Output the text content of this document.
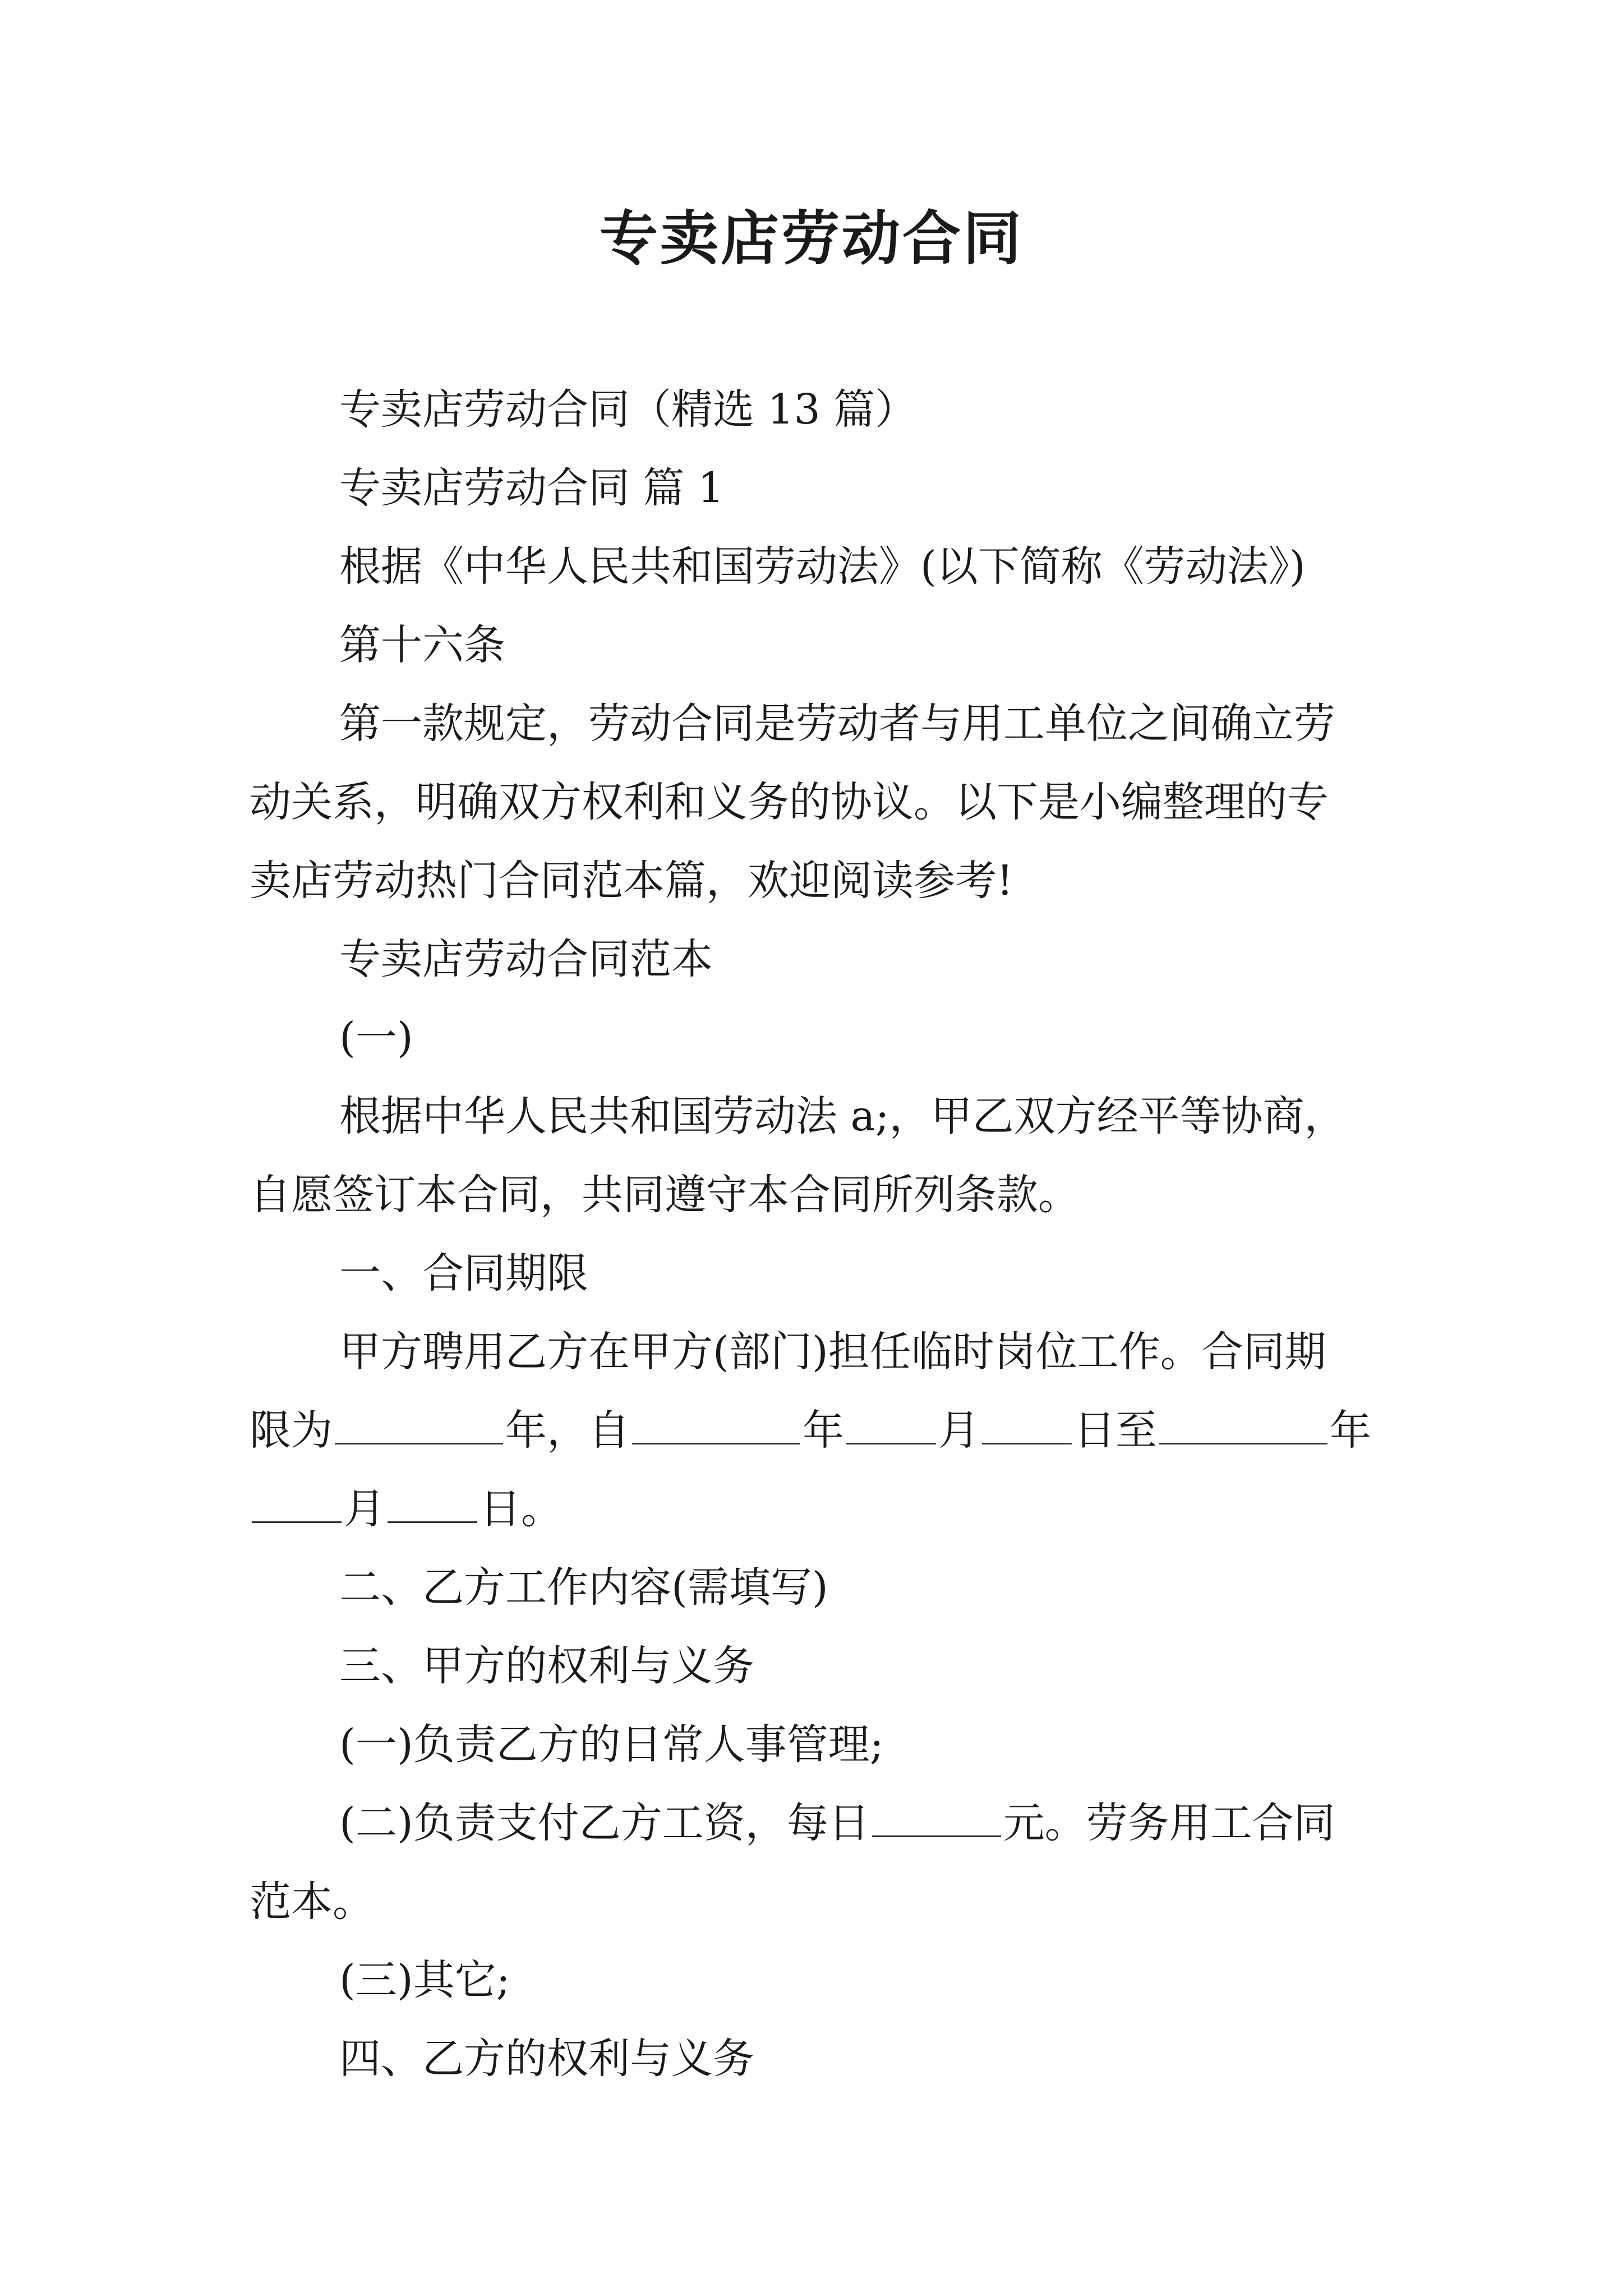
专卖店劳动合同
专卖店劳动合同（精选 13 篇）
专卖店劳动合同 篇 1
根据《中华人民共和国劳动法》(以下简称《劳动法》)
第十六条
第一款规定，劳动合同是劳动者与用工单位之间确立劳
动关系，明确双方权利和义务的协议。以下是小编整理的专
卖店劳动热门合同范本篇，欢迎阅读参考!
专卖店劳动合同范本
(一)
根据中华人民共和国劳动法 a;，甲乙双方经平等协商，
自愿签订本合同，共同遵守本合同所列条款。
一、合同期限
甲方聘用乙方在甲方(部门)担任临时岗位工作。合同期
限为	年，自	年 月 日至	年
月 日。
二、乙方工作内容(需填写)
三、甲方的权利与义务
(一)负责乙方的日常人事管理;
(二)负责支付乙方工资，每日	元。劳务用工合同
范本。
(三)其它;
四、乙方的权利与义务
